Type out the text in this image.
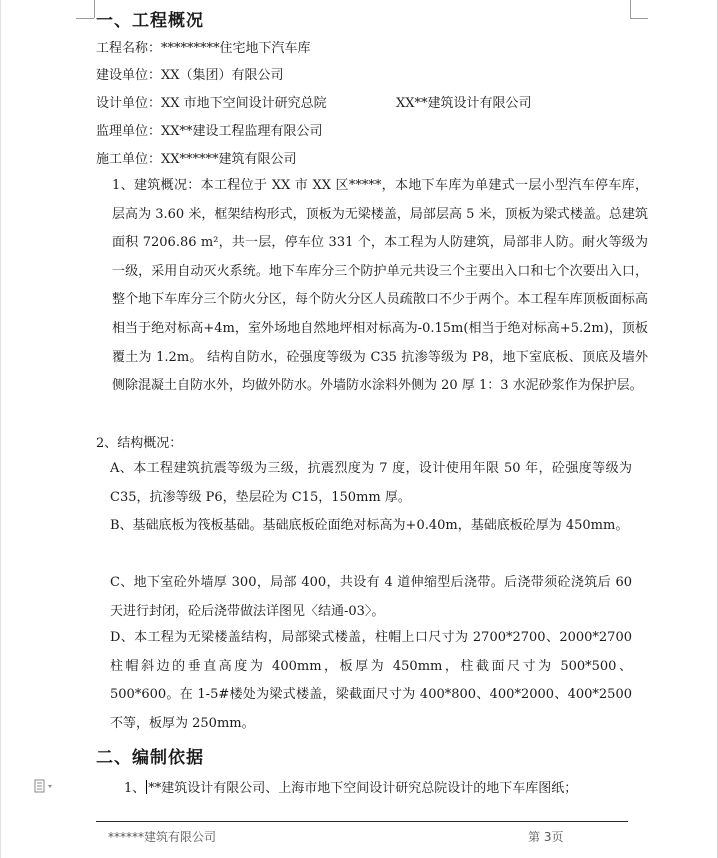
一、工程概况
工程名称：*********住宅地下汽车库
建设单位：XX（集团）有限公司
设计单位：XX 市地下空间设计研究总院	XX**建筑设计有限公司
监理单位：XX**建设工程监理有限公司
施工单位：XX******建筑有限公司
1、建筑概况：本工程位于 XX 市 XX 区*****，本地下车库为单建式一层小型汽车停车库，层高为 3.60 米，框架结构形式，顶板为无梁楼盖，局部层高 5 米，顶板为梁式楼盖。总建筑面积 7206.86 m²，共一层，停车位 331 个，本工程为人防建筑，局部非人防。耐火等级为一级，采用自动灭火系统。地下车库分三个防护单元共设三个主要出入口和七个次要出入口，整个地下车库分三个防火分区，每个防火分区人员疏散口不少于两个。本工程车库顶板面标高相当于绝对标高+4m，室外场地自然地坪相对标高为-0.15m(相当于绝对标高+5.2m)，顶板覆土为 1.2m。 结构自防水，砼强度等级为 C35 抗渗等级为 P8，地下室底板、顶底及墙外侧除混凝土自防水外，均做外防水。外墙防水涂料外侧为 20 厚 1：3 水泥砂浆作为保护层。
2、结构概况：
A、本工程建筑抗震等级为三级，抗震烈度为 7 度，设计使用年限 50 年，砼强度等级为 C35，抗渗等级 P6，垫层砼为 C15，150mm 厚。
B、基础底板为筏板基础。基础底板砼面绝对标高为+0.40m，基础底板砼厚为 450mm。
C、地下室砼外墙厚 300，局部 400，共设有 4 道伸缩型后浇带。后浇带须砼浇筑后 60 天进行封闭，砼后浇带做法详图见〈结通-03〉。
D、本工程为无梁楼盖结构，局部梁式楼盖，柱帽上口尺寸为 2700*2700、2000*2700 柱帽斜边的垂直高度为 400mm，板厚为 450mm，柱截面尺寸为 500*500、500*600。在 1-5#楼处为梁式楼盖，梁截面尺寸为 400*800、400*2000、400*2500 不等，板厚为 250mm。
二、编制依据
1、 **建筑设计有限公司、上海市地下空间设计研究总院设计的地下车库图纸；
******建筑有限公司	第 3页
